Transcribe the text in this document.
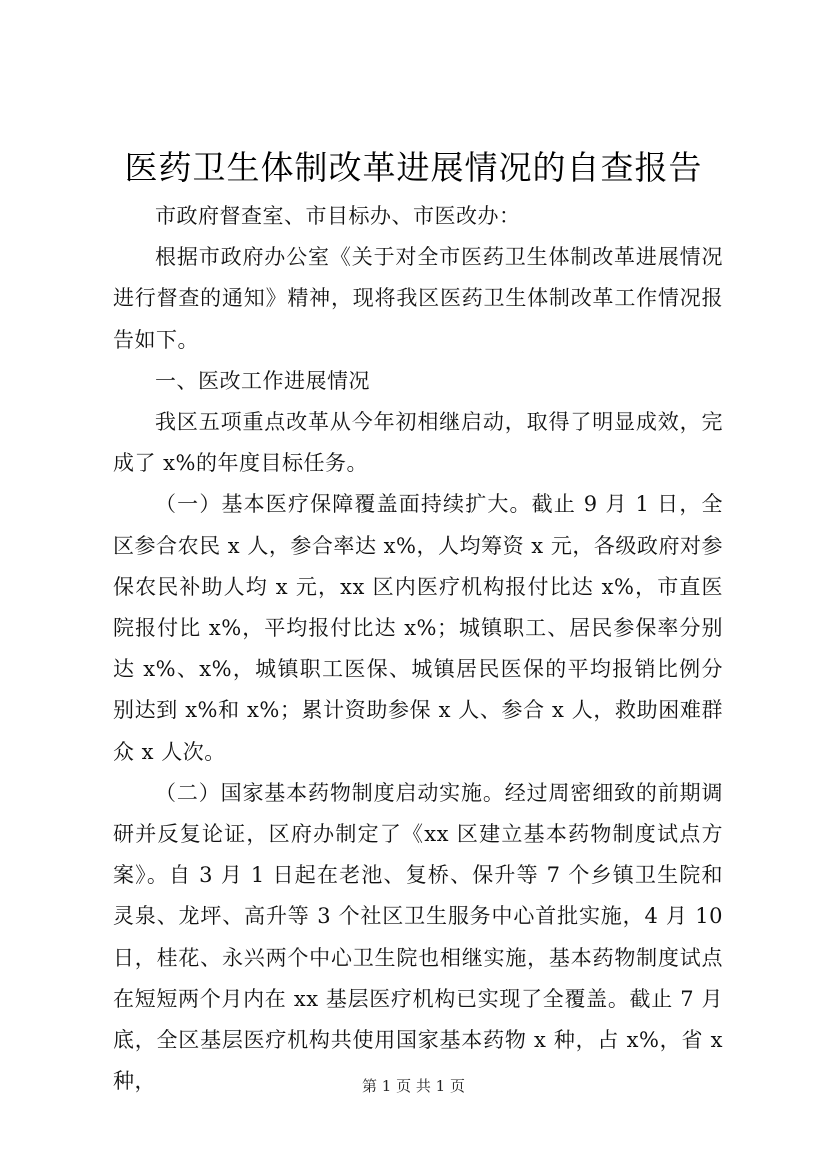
医药卫生体制改革进展情况的自查报告

市政府督查室、市目标办、市医改办：

根据市政府办公室《关于对全市医药卫生体制改革进展情况进行督查的通知》精神，现将我区医药卫生体制改革工作情况报告如下。

一、医改工作进展情况

我区五项重点改革从今年初相继启动，取得了明显成效，完成了 x%的年度目标任务。

（一）基本医疗保障覆盖面持续扩大。截止 9 月 1 日，全区参合农民 x 人，参合率达 x%，人均筹资 x 元，各级政府对参保农民补助人均 x 元，xx 区内医疗机构报付比达 x%，市直医院报付比 x%，平均报付比达 x%；城镇职工、居民参保率分别达 x%、x%，城镇职工医保、城镇居民医保的平均报销比例分别达到 x%和 x%；累计资助参保 x 人、参合 x 人，救助困难群众 x 人次。

（二）国家基本药物制度启动实施。经过周密细致的前期调研并反复论证，区府办制定了《xx 区建立基本药物制度试点方案》。自 3 月 1 日起在老池、复桥、保升等 7 个乡镇卫生院和灵泉、龙坪、高升等 3 个社区卫生服务中心首批实施，4 月 10 日，桂花、永兴两个中心卫生院也相继实施，基本药物制度试点在短短两个月内在 xx 基层医疗机构已实现了全覆盖。截止 7 月底，全区基层医疗机构共使用国家基本药物 x 种，占 x%，省 x 种，	第 1 页 共 1 页
